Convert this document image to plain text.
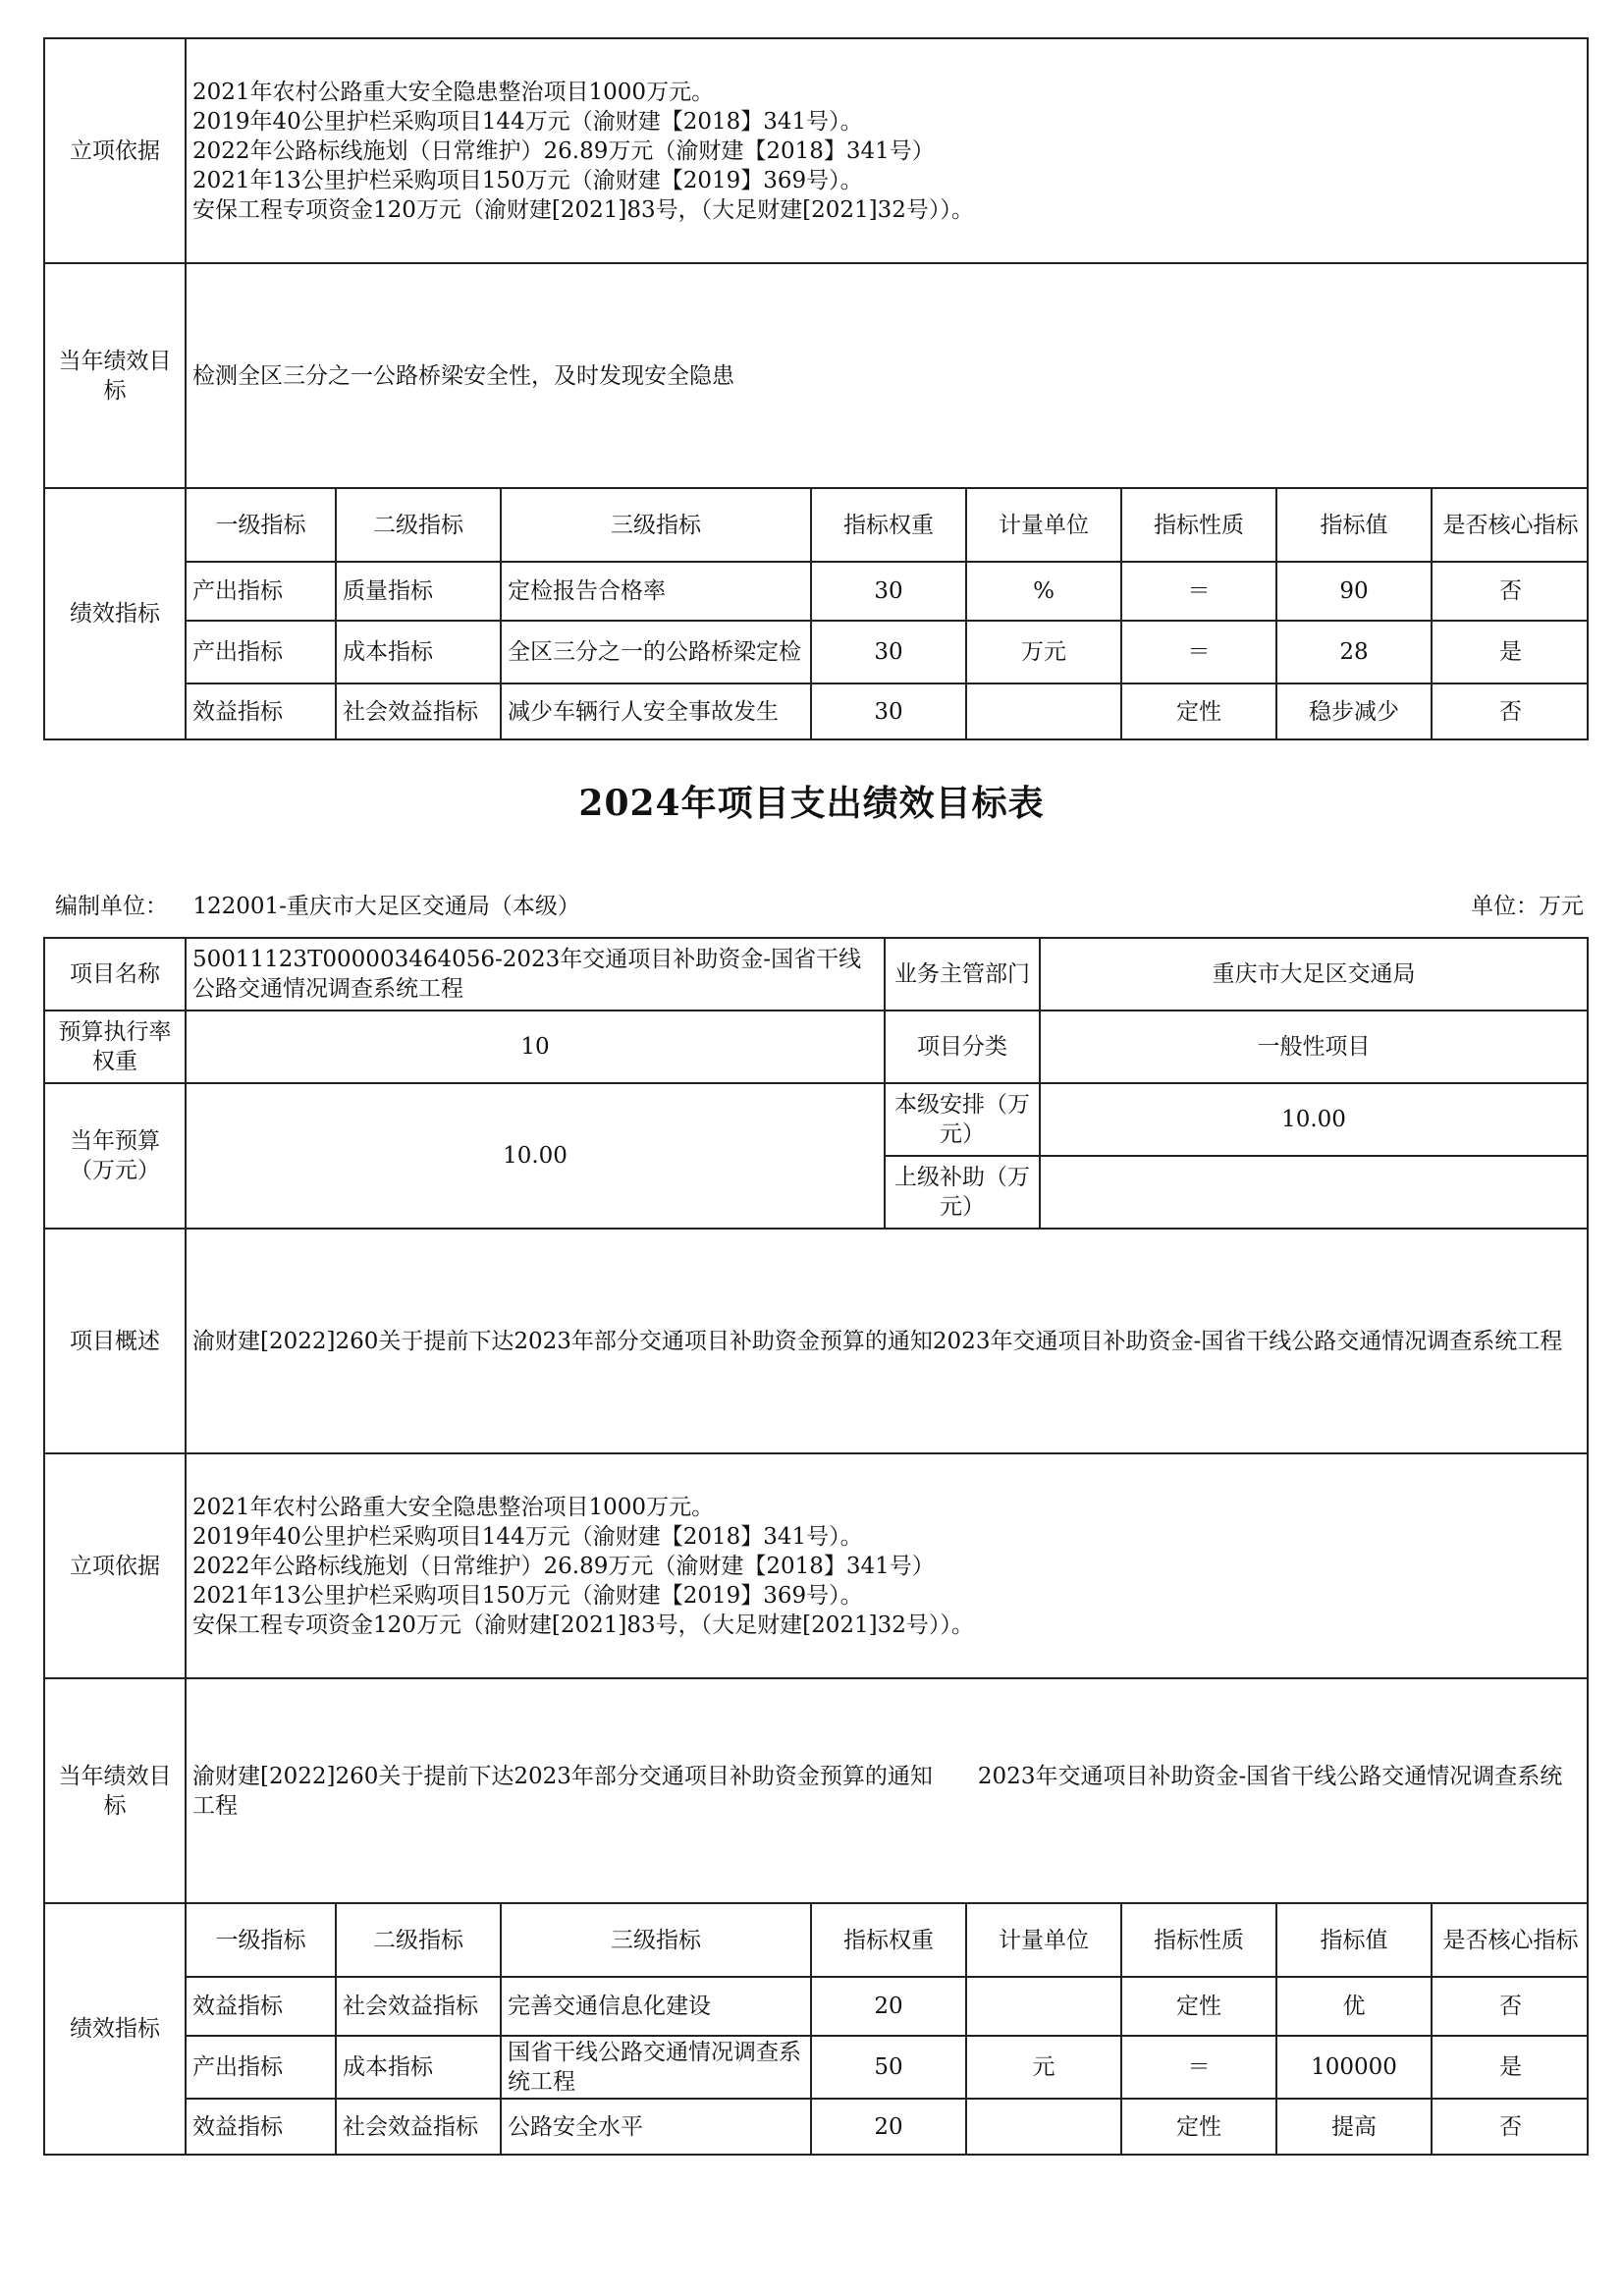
立项依据	
2021年农村公路重大安全隐患整治项目1000万元。
2019年40公里护栏采购项目144万元（渝财建【2018】341号）。
2022年公路标线施划（日常维护）26.89万元（渝财建【2018】341号）
2021年13公里护栏采购项目150万元（渝财建【2019】369号）。
安保工程专项资金120万元（渝财建[2021]83号，（大足财建[2021]32号））。

当年绩效目标	检测全区三分之一公路桥梁安全性，及时发现安全隐患
绩效指标	
一级指标	二级指标	三级指标	指标权重	计量单位	指标性质	指标值	是否核心指标
产出指标	质量指标	定检报告合格率	30	%	＝	90	否
产出指标	成本指标	全区三分之一的公路桥梁定检	30	万元	＝	28	是
效益指标	社会效益指标	减少车辆行人安全事故发生	30		定性	稳步减少	否
2024年项目支出绩效目标表
编制单位： 122001-重庆市大足区交通局（本级）	单位：万元
项目名称	50011123T000003464056-2023年交通项目补助资金-国省干线公路交通情况调查系统工程	业务主管部门	重庆市大足区交通局
预算执行率权重	10	项目分类	一般性项目
当年预算（万元）	10.00	本级安排（万元）	10.00
上级补助（万元）	
项目概述	渝财建[2022]260关于提前下达2023年部分交通项目补助资金预算的通知2023年交通项目补助资金-国省干线公路交通情况调查系统工程
立项依据	
2021年农村公路重大安全隐患整治项目1000万元。
2019年40公里护栏采购项目144万元（渝财建【2018】341号）。
2022年公路标线施划（日常维护）26.89万元（渝财建【2018】341号）
2021年13公里护栏采购项目150万元（渝财建【2019】369号）。
安保工程专项资金120万元（渝财建[2021]83号，（大足财建[2021]32号））。

当年绩效目标	渝财建[2022]260关于提前下达2023年部分交通项目补助资金预算的通知　　2023年交通项目补助资金-国省干线公路交通情况调查系统工程
绩效指标	
一级指标	二级指标	三级指标	指标权重	计量单位	指标性质	指标值	是否核心指标
效益指标	社会效益指标	完善交通信息化建设	20		定性	优	否
产出指标	成本指标	国省干线公路交通情况调查系统工程	50	元	＝	100000	是
效益指标	社会效益指标	公路安全水平	20		定性	提高	否
